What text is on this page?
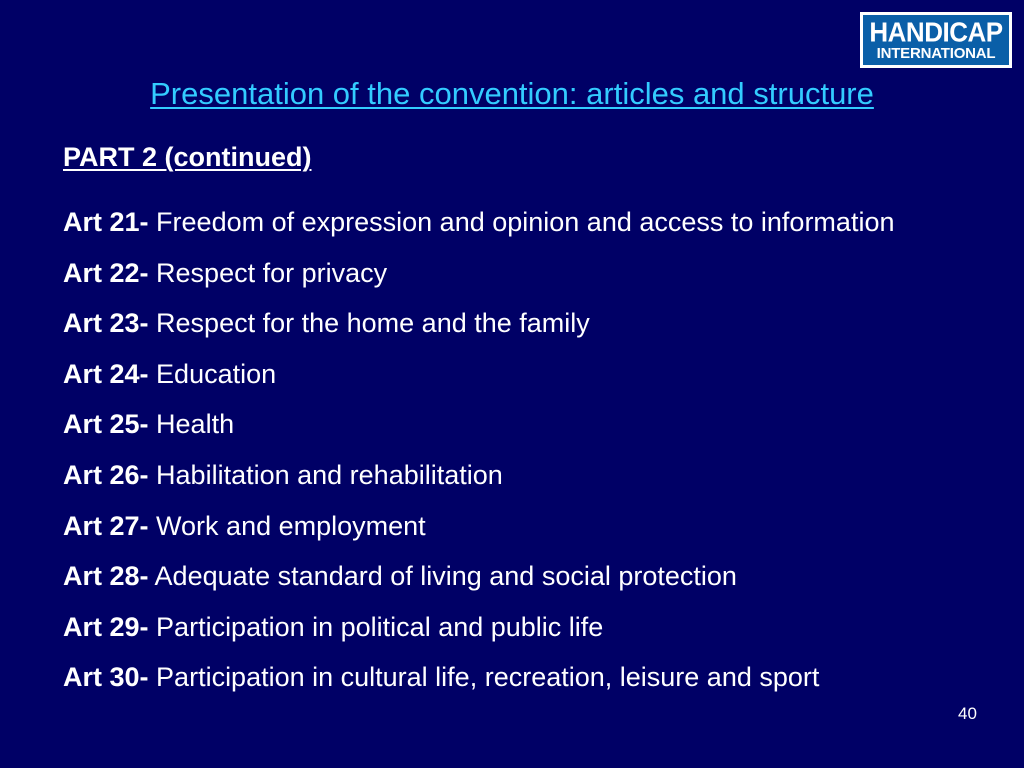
HANDICAP
INTERNATIONAL
Presentation of the convention: articles and structure
PART 2 (continued)
Art 21- Freedom of expression and opinion and access to information
Art 22- Respect for privacy
Art 23- Respect for the home and the family
Art 24- Education
Art 25- Health
Art 26- Habilitation and rehabilitation
Art 27- Work and employment
Art 28- Adequate standard of living and social protection
Art 29- Participation in political and public life
Art 30- Participation in cultural life, recreation, leisure and sport
40
